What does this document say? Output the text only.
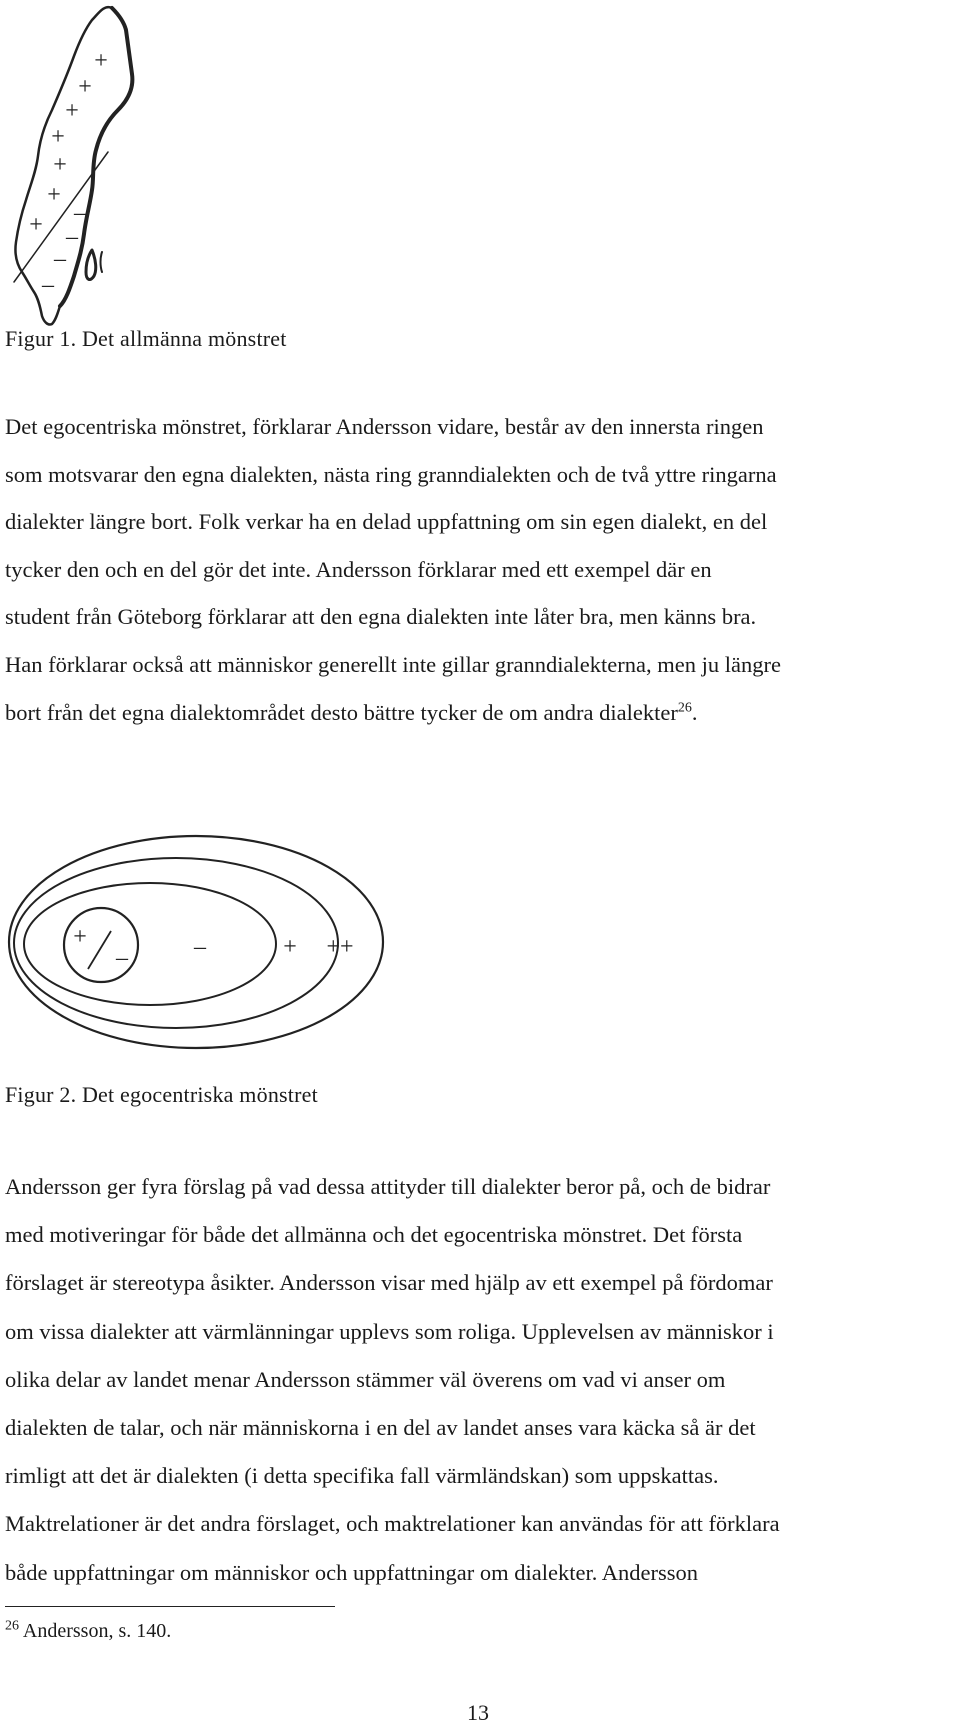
+
+
+
+
+
+
+ –
–
–
–
Figur 1. Det allmänna mönstret
Det egocentriska mönstret, förklarar Andersson vidare, består av den innersta ringen
som motsvarar den egna dialekten, nästa ring granndialekten och de två yttre ringarna
dialekter längre bort. Folk verkar ha en delad uppfattning om sin egen dialekt, en del
tycker den och en del gör det inte. Andersson förklarar med ett exempel där en
student från Göteborg förklarar att den egna dialekten inte låter bra, men känns bra.
Han förklarar också att människor generellt inte gillar granndialekterna, men ju längre
bort från det egna dialektområdet desto bättre tycker de om andra dialekter$^{26}$.
+
–	–	+ ++
Figur 2. Det egocentriska mönstret
Andersson ger fyra förslag på vad dessa attityder till dialekter beror på, och de bidrar
med motiveringar för både det allmänna och det egocentriska mönstret. Det första
förslaget är stereotypa åsikter. Andersson visar med hjälp av ett exempel på fördomar
om vissa dialekter att värmlänningar upplevs som roliga. Upplevelsen av människor i
olika delar av landet menar Andersson stämmer väl överens om vad vi anser om
dialekten de talar, och när människorna i en del av landet anses vara käcka så är det
rimligt att det är dialekten (i detta specifika fall värmländskan) som uppskattas.
Maktrelationer är det andra förslaget, och maktrelationer kan användas för att förklara
både uppfattningar om människor och uppfattningar om dialekter. Andersson
$^{26}$ Andersson, s. 140.
13
